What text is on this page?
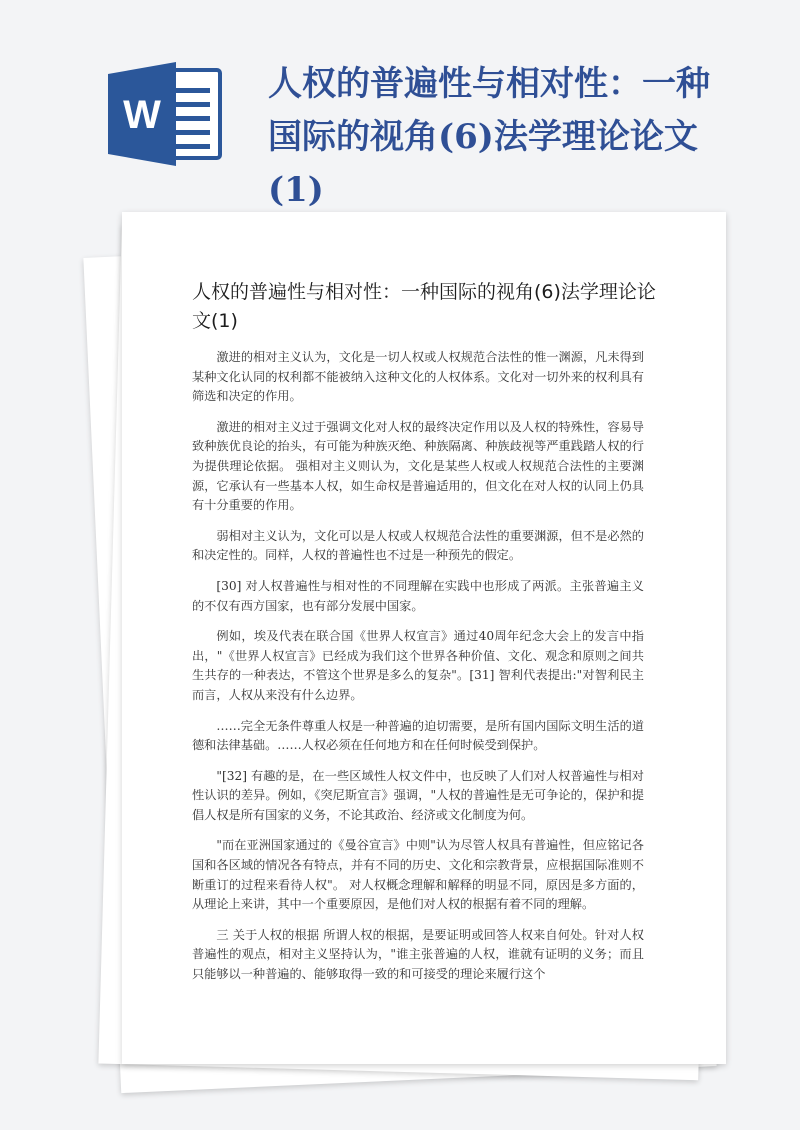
W
人权的普遍性与相对性：一种国际的视角(6)法学理论论文(1)
人权的普遍性与相对性：一种国际的视角(6)法学理论论文(1)

激进的相对主义认为，文化是一切人权或人权规范合法性的惟一渊源，凡未得到某种文化认同的权利都不能被纳入这种文化的人权体系。文化对一切外来的权利具有筛选和决定的作用。

激进的相对主义过于强调文化对人权的最终决定作用以及人权的特殊性，容易导致种族优良论的抬头，有可能为种族灭绝、种族隔离、种族歧视等严重践踏人权的行为提供理论依据。 强相对主义则认为，文化是某些人权或人权规范合法性的主要渊源，它承认有一些基本人权，如生命权是普遍适用的，但文化在对人权的认同上仍具有十分重要的作用。

弱相对主义认为，文化可以是人权或人权规范合法性的重要渊源，但不是必然的和决定性的。同样，人权的普遍性也不过是一种预先的假定。

[30] 对人权普遍性与相对性的不同理解在实践中也形成了两派。主张普遍主义的不仅有西方国家，也有部分发展中国家。

例如，埃及代表在联合国《世界人权宣言》通过40周年纪念大会上的发言中指出，"《世界人权宣言》已经成为我们这个世界各种价值、文化、观念和原则之间共生共存的一种表达，不管这个世界是多么的复杂"。[31] 智利代表提出:"对智利民主而言，人权从来没有什么边界。

……完全无条件尊重人权是一种普遍的迫切需要，是所有国内国际文明生活的道德和法律基础。……人权必须在任何地方和在任何时候受到保护。

"[32] 有趣的是，在一些区域性人权文件中，也反映了人们对人权普遍性与相对性认识的差异。例如，《突尼斯宣言》强调，"人权的普遍性是无可争论的，保护和提倡人权是所有国家的义务，不论其政治、经济或文化制度为何。

"而在亚洲国家通过的《曼谷宣言》中则"认为尽管人权具有普遍性，但应铭记各国和各区域的情况各有特点，并有不同的历史、文化和宗教背景，应根据国际准则不断重订的过程来看待人权"。 对人权概念理解和解释的明显不同，原因是多方面的，从理论上来讲，其中一个重要原因，是他们对人权的根据有着不同的理解。

三 关于人权的根据 所谓人权的根据，是要证明或回答人权来自何处。针对人权普遍性的观点，相对主义坚持认为，"谁主张普遍的人权，谁就有证明的义务；而且只能够以一种普遍的、能够取得一致的和可接受的理论来履行这个
